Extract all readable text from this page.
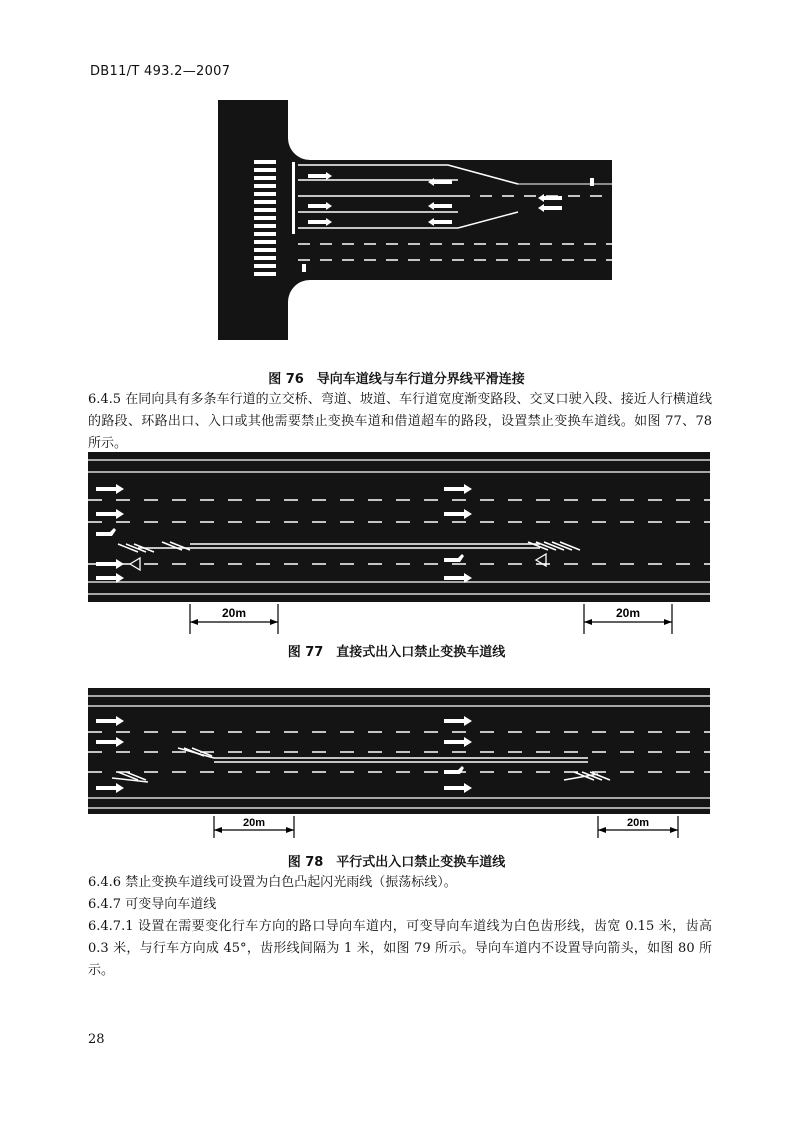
DB11/T 493.2—2007
图 76　导向车道线与车行道分界线平滑连接
6.4.5 在同向具有多条车行道的立交桥、弯道、坡道、车行道宽度渐变路段、交叉口驶入段、接近人行横道线的路段、环路出口、入口或其他需要禁止变换车道和借道超车的路段，设置禁止变换车道线。如图 77、78 所示。
20m	20m
图 77　直接式出入口禁止变换车道线
20m	20m
图 78　平行式出入口禁止变换车道线
6.4.6 禁止变换车道线可设置为白色凸起闪光雨线（振荡标线）。
6.4.7 可变导向车道线
6.4.7.1 设置在需要变化行车方向的路口导向车道内，可变导向车道线为白色齿形线，齿宽 0.15 米，齿高 0.3 米，与行车方向成 45°，齿形线间隔为 1 米，如图 79 所示。导向车道内不设置导向箭头，如图 80 所示。
28
